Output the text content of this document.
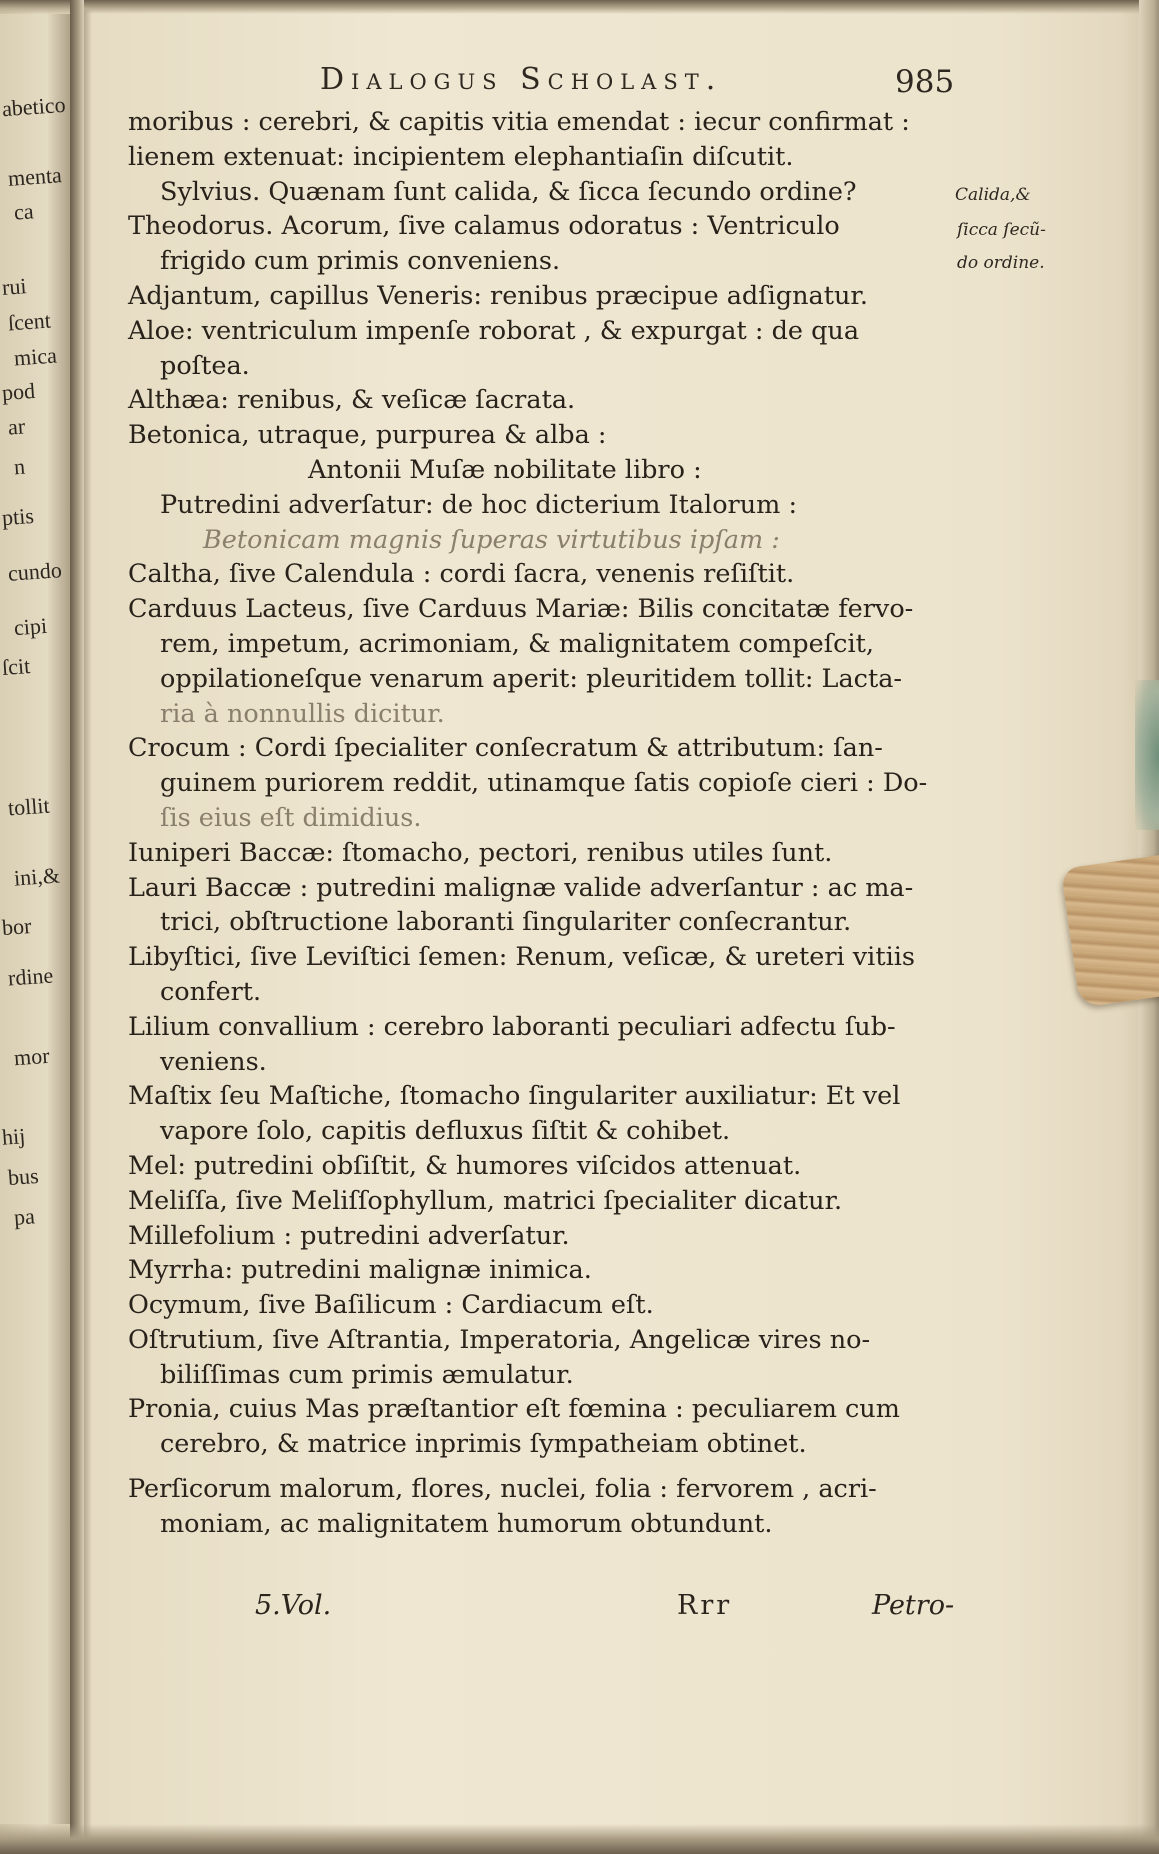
abetico
menta
ca
rui
ſcent
mica
pod
ar
n
ptis
cundo
cipi
ſcit
tollit
ini,&
bor
rdine
mor
hij
bus
pa
Dialogus Scholast.	985
Calida,&
ſicca ſecũ-
do ordine.
moribus : cerebri, & capitis vitia emendat : iecur confirmat :
lienem extenuat: incipientem elephantiaſin diſcutit.
Sylvius. Quænam ſunt calida, & ſicca ſecundo ordine?
Theodorus. Acorum, ſive calamus odoratus : Ventriculo
frigido cum primis conveniens.
Adjantum, capillus Veneris: renibus præcipue adſignatur.
Aloe: ventriculum impenſe roborat , & expurgat : de qua
poſtea.
Althæa: renibus, & veſicæ ſacrata.
Betonica, utraque, purpurea & alba :
Antonii Muſæ nobilitate libro :
Putredini adverſatur: de hoc dicterium Italorum :
Betonicam magnis ſuperas virtutibus ipſam :
Caltha, ſive Calendula : cordi ſacra, venenis reſiſtit.
Carduus Lacteus, ſive Carduus Mariæ: Bilis concitatæ fervo-
rem, impetum, acrimoniam, & malignitatem compeſcit,
oppilationeſque venarum aperit: pleuritidem tollit: Lacta-
ria à nonnullis dicitur.
Crocum : Cordi ſpecialiter conſecratum & attributum: ſan-
guinem puriorem reddit, utinamque ſatis copioſe cieri : Do-
ſis eius eſt dimidius.
Iuniperi Baccæ: ſtomacho, pectori, renibus utiles ſunt.
Lauri Baccæ : putredini malignæ valide adverſantur : ac ma-
trici, obſtructione laboranti ſingulariter conſecrantur.
Libyſtici, ſive Leviſtici ſemen: Renum, veſicæ, & ureteri vitiis
confert.
Lilium convallium : cerebro laboranti peculiari adfectu ſub-
veniens.
Maſtix ſeu Maſtiche, ſtomacho ſingulariter auxiliatur: Et vel
vapore ſolo, capitis defluxus ſiſtit & cohibet.
Mel: putredini obſiſtit, & humores viſcidos attenuat.
Meliſſa, ſive Meliſſophyllum, matrici ſpecialiter dicatur.
Millefolium : putredini adverſatur.
Myrrha: putredini malignæ inimica.
Ocymum, ſive Baſilicum : Cardiacum eſt.
Oſtrutium, ſive Aſtrantia, Imperatoria, Angelicæ vires no-
biliſſimas cum primis æmulatur.
Pronia, cuius Mas præſtantior eſt fœmina : peculiarem cum
cerebro, & matrice inprimis ſympatheiam obtinet.
Perſicorum malorum, flores, nuclei, folia : fervorem , acri-
moniam, ac malignitatem humorum obtundunt.
5.Vol.	Rrr	Petro-
